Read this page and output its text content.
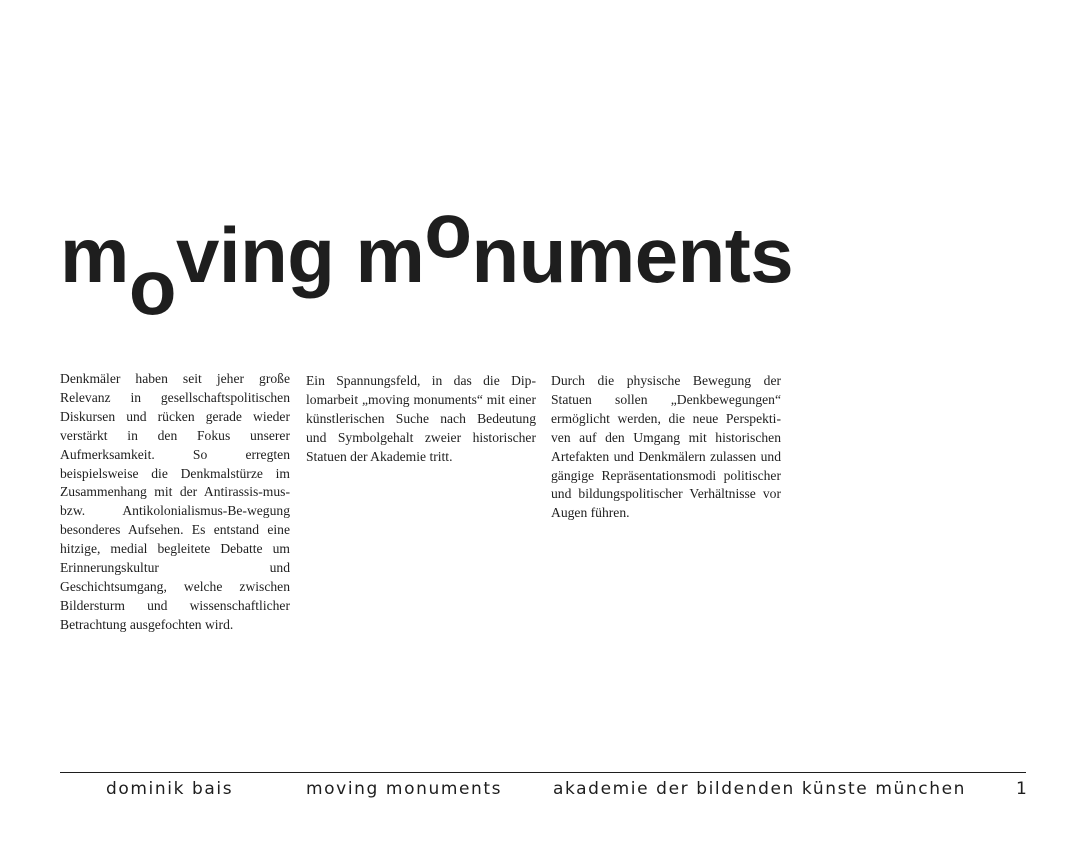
moving monuments

Denkmäler haben seit jeher große Relevanz in gesellschaftspolitischen Diskursen und rücken gerade wieder verstärkt in den Fokus unserer Aufmerksamkeit. So erregten beispielsweise die Denkmalstürze im Zusammenhang mit der Antirassis-mus- bzw. Antikolonialismus-Be-wegung besonderes Aufsehen. Es entstand eine hitzige, medial begleitete Debatte um Erinnerungskultur und Geschichtsumgang, welche zwischen Bildersturm und wissenschaftlicher Betrachtung ausgefochten wird.

Ein Spannungsfeld, in das die Dip-lomarbeit „moving monuments“ mit einer künstlerischen Suche nach Bedeutung und Symbolgehalt zweier historischer Statuen der Akademie tritt.

Durch die physische Bewegung der Statuen sollen „Denkbewegungen“ ermöglicht werden, die neue Perspekti-ven auf den Umgang mit historischen Artefakten und Denkmälern zulassen und gängige Repräsentationsmodi politischer und bildungspolitischer Verhältnisse vor Augen führen.

dominik bais	moving monuments	akademie der bildenden künste münchen	1
